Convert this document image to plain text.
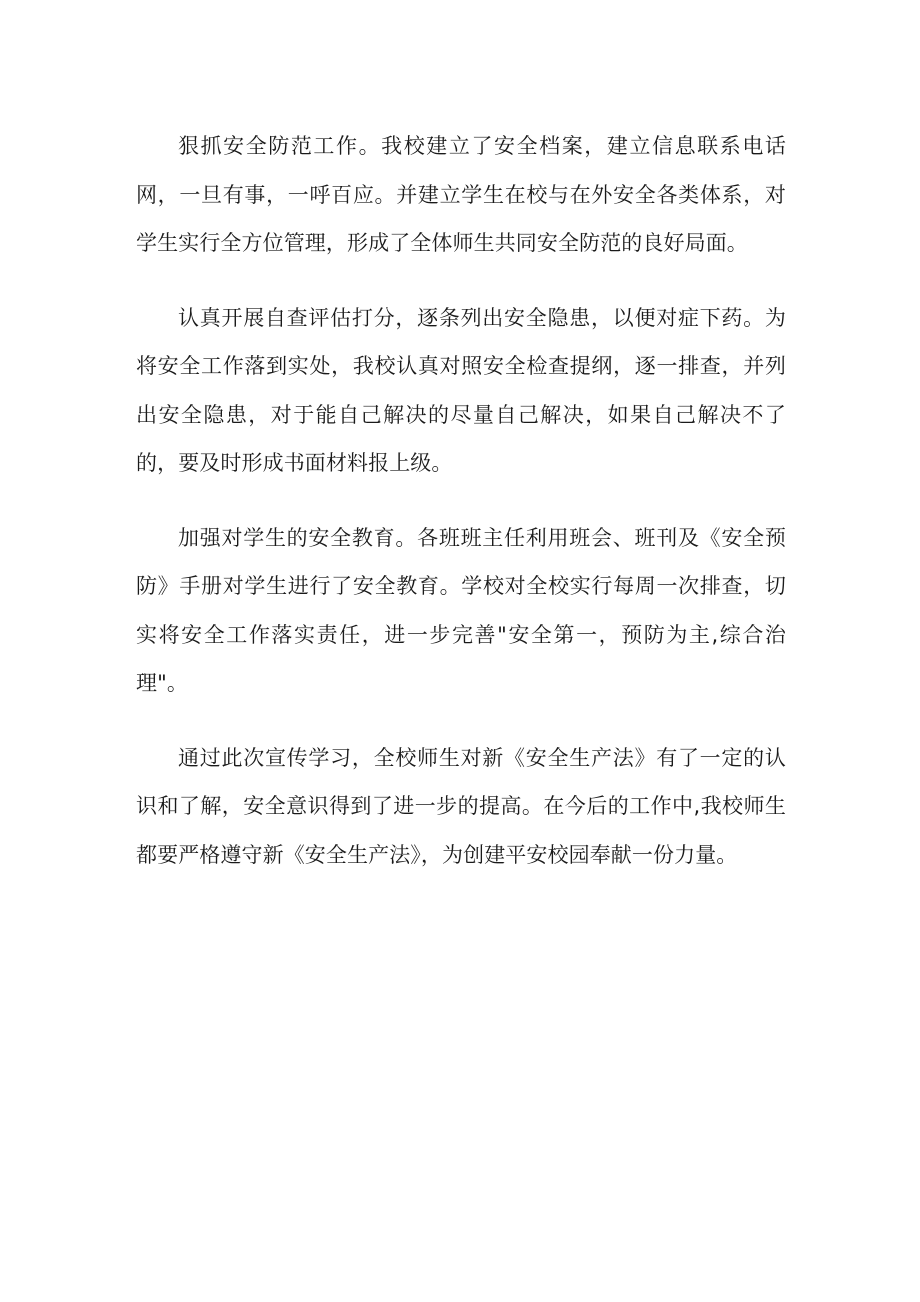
狠抓安全防范工作。我校建立了安全档案，建立信息联系电话网，一旦有事，一呼百应。并建立学生在校与在外安全各类体系，对学生实行全方位管理，形成了全体师生共同安全防范的良好局面。

认真开展自查评估打分，逐条列出安全隐患，以便对症下药。为将安全工作落到实处，我校认真对照安全检查提纲，逐一排查，并列出安全隐患，对于能自己解决的尽量自己解决，如果自己解决不了的，要及时形成书面材料报上级。

加强对学生的安全教育。各班班主任利用班会、班刊及《安全预防》手册对学生进行了安全教育。学校对全校实行每周一次排查，切实将安全工作落实责任，进一步完善"安全第一，预防为主,综合治理"。

通过此次宣传学习，全校师生对新《安全生产法》有了一定的认识和了解，安全意识得到了进一步的提高。在今后的工作中,我校师生都要严格遵守新《安全生产法》，为创建平安校园奉献一份力量。
